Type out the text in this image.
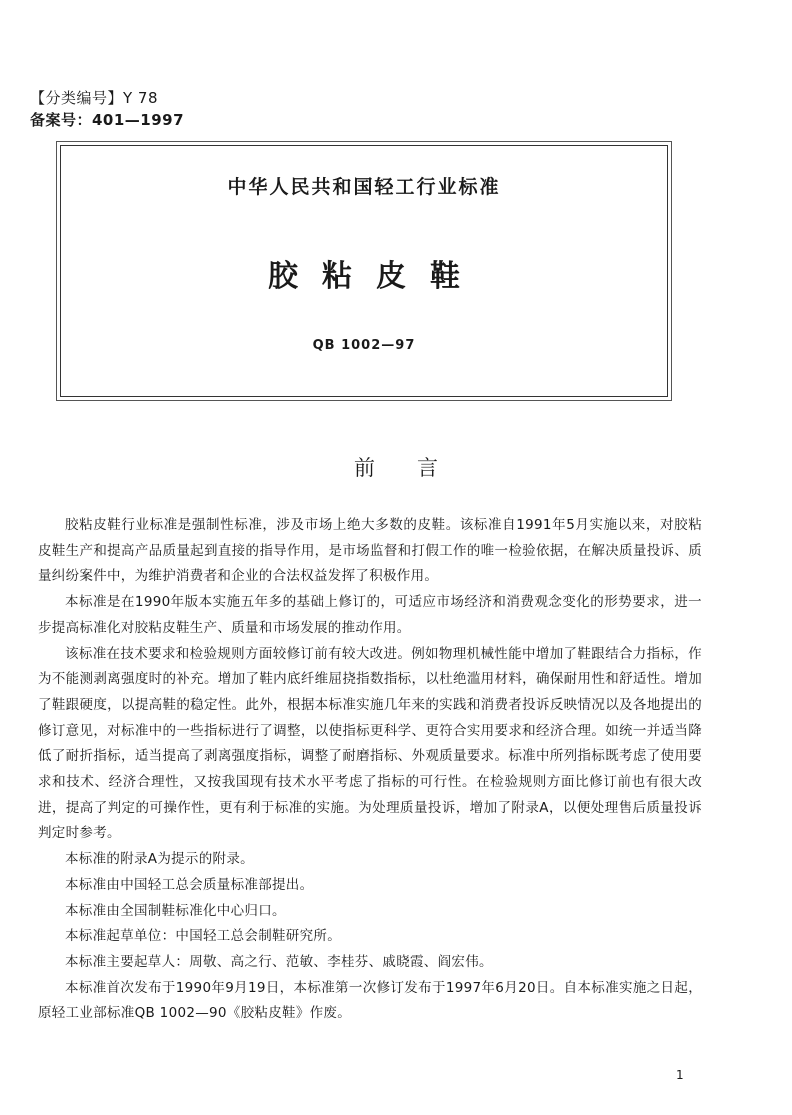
【分类编号】Y 78
备案号：401—1997
中华人民共和国轻工行业标准
胶粘皮鞋
QB 1002—97
前言

胶粘皮鞋行业标准是强制性标准，涉及市场上绝大多数的皮鞋。该标准自1991年5月实施以来，对胶粘皮鞋生产和提高产品质量起到直接的指导作用，是市场监督和打假工作的唯一检验依据，在解决质量投诉、质量纠纷案件中，为维护消费者和企业的合法权益发挥了积极作用。

本标准是在1990年版本实施五年多的基础上修订的，可适应市场经济和消费观念变化的形势要求，进一步提高标准化对胶粘皮鞋生产、质量和市场发展的推动作用。

该标准在技术要求和检验规则方面较修订前有较大改进。例如物理机械性能中增加了鞋跟结合力指标，作为不能测剥离强度时的补充。增加了鞋内底纤维屈挠指数指标，以杜绝滥用材料，确保耐用性和舒适性。增加了鞋跟硬度，以提高鞋的稳定性。此外，根据本标准实施几年来的实践和消费者投诉反映情况以及各地提出的修订意见，对标准中的一些指标进行了调整，以使指标更科学、更符合实用要求和经济合理。如统一并适当降低了耐折指标，适当提高了剥离强度指标，调整了耐磨指标、外观质量要求。标准中所列指标既考虑了使用要求和技术、经济合理性，又按我国现有技术水平考虑了指标的可行性。在检验规则方面比修订前也有很大改进，提高了判定的可操作性，更有利于标准的实施。为处理质量投诉，增加了附录A，以便处理售后质量投诉判定时参考。

本标准的附录A为提示的附录。

本标准由中国轻工总会质量标准部提出。

本标准由全国制鞋标准化中心归口。

本标准起草单位：中国轻工总会制鞋研究所。

本标准主要起草人：周敬、高之行、范敏、李桂芬、戚晓霞、阎宏伟。

本标准首次发布于1990年9月19日，本标准第一次修订发布于1997年6月20日。自本标准实施之日起，原轻工业部标准QB 1002—90《胶粘皮鞋》作废。

1
